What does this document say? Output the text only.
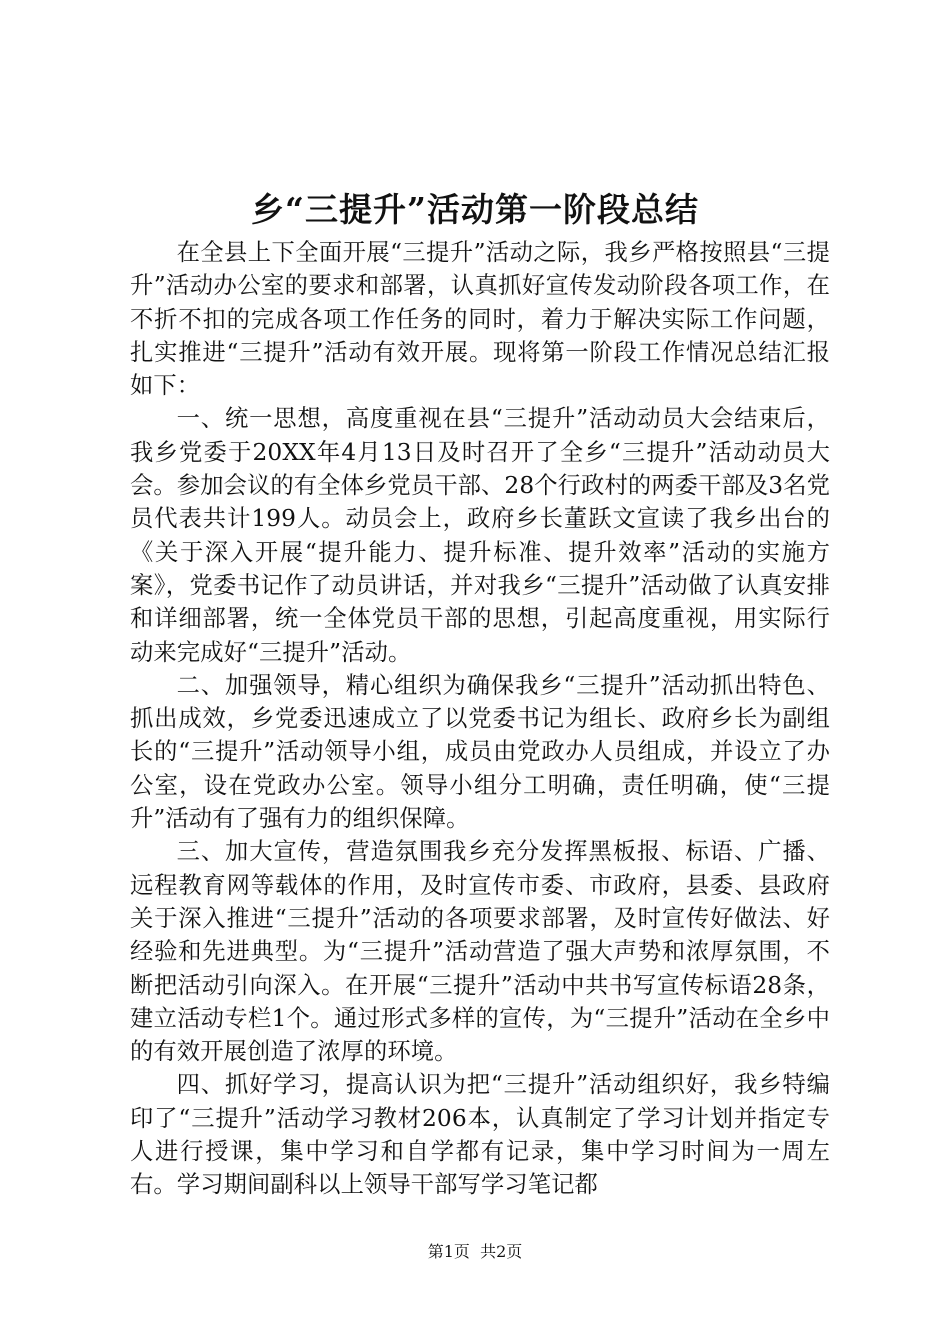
乡“三提升”活动第一阶段总结

在全县上下全面开展“三提升”活动之际，我乡严格按照县“三提升”活动办公室的要求和部署，认真抓好宣传发动阶段各项工作，在不折不扣的完成各项工作任务的同时，着力于解决实际工作问题，扎实推进“三提升”活动有效开展。现将第一阶段工作情况总结汇报如下：

一、统一思想，高度重视在县“三提升”活动动员大会结束后，我乡党委于20XX年4月13日及时召开了全乡“三提升”活动动员大会。参加会议的有全体乡党员干部、28个行政村的两委干部及3名党员代表共计199人。动员会上，政府乡长董跃文宣读了我乡出台的《关于深入开展“提升能力、提升标准、提升效率”活动的实施方案》，党委书记作了动员讲话，并对我乡“三提升”活动做了认真安排和详细部署，统一全体党员干部的思想，引起高度重视，用实际行动来完成好“三提升”活动。

二、加强领导，精心组织为确保我乡“三提升”活动抓出特色、抓出成效，乡党委迅速成立了以党委书记为组长、政府乡长为副组长的“三提升”活动领导小组，成员由党政办人员组成，并设立了办公室，设在党政办公室。领导小组分工明确，责任明确，使“三提升”活动有了强有力的组织保障。

三、加大宣传，营造氛围我乡充分发挥黑板报、标语、广播、远程教育网等载体的作用，及时宣传市委、市政府，县委、县政府关于深入推进“三提升”活动的各项要求部署，及时宣传好做法、好经验和先进典型。为“三提升”活动营造了强大声势和浓厚氛围，不断把活动引向深入。在开展“三提升”活动中共书写宣传标语28条，建立活动专栏1个。通过形式多样的宣传，为“三提升”活动在全乡中的有效开展创造了浓厚的环境。

四、抓好学习，提高认识为把“三提升”活动组织好，我乡特编印了“三提升”活动学习教材206本，认真制定了学习计划并指定专人进行授课，集中学习和自学都有记录，集中学习时间为一周左右。学习期间副科以上领导干部写学习笔记都

第1页 共2页
